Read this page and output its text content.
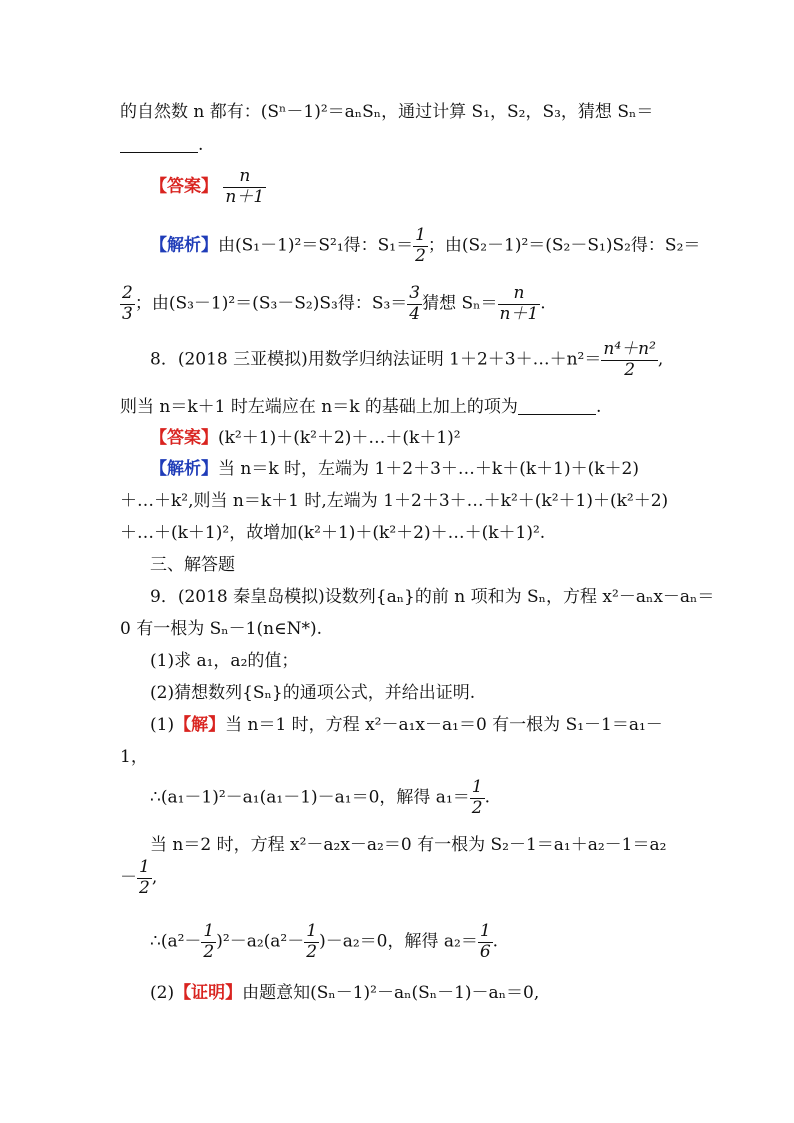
的自然数 n 都有：(Sⁿ－1)²＝aₙSₙ，通过计算 S₁，S₂，S₃，猜想 Sₙ＝
.
【答案】 $\frac{n}{n+1}$
【解析】由(S₁－1)²＝S²₁得：$S_1= \frac{1}{2}$ ；由(S₂－1)²＝(S₂－S₁)S₂得：S₂＝
$\frac{2}{3}$ ；由(S₃－1)²＝(S₃－S₂)S₃得：$S_3= \frac{3}{4}$ 猜想 $S_n= \frac{n}{n+1}$ .
8．(2018 三亚模拟)用数学归纳法证明 1＋2＋3＋…＋n²＝ $\frac{\text{n⁴＋n²}}{2}$ ,
则当 n＝k＋1 时左端应在 n＝k 的基础上加上的项为	.
【答案】(k²＋1)＋(k²＋2)＋…＋(k＋1)²
【解析】当 n＝k 时，左端为 1＋2＋3＋…＋k＋(k＋1)＋(k＋2)
＋…＋k²,则当 n＝k＋1 时,左端为 1＋2＋3＋…＋k²＋(k²＋1)＋(k²＋2)
＋…＋(k＋1)²，故增加(k²＋1)＋(k²＋2)＋…＋(k＋1)².
三、解答题
9．(2018 秦皇岛模拟)设数列{aₙ}的前 n 项和为 Sₙ，方程 x²－aₙx－aₙ＝
0 有一根为 Sₙ－1(n∈N*).
(1)求 a₁，a₂的值；
(2)猜想数列{Sₙ}的通项公式，并给出证明.
(1)【解】当 n＝1 时，方程 x²－a₁x－a₁＝0 有一根为 S₁－1＝a₁－
1，
∴(a₁－1)²－a₁(a₁－1)－a₁＝0，解得 $a_1= \frac{1}{2}$ .
当 n＝2 时，方程 x²－a₂x－a₂＝0 有一根为 S₂－1＝a₁＋a₂－1＝a₂
－ $\frac{1}{2}$ ,
∴(a²－ $\frac{1}{2} )^2-a_2(a^2- \frac{1}{2} )-a_2=0$，解得 $a_2= \frac{1}{6}$ .
(2)【证明】由题意知(Sₙ－1)²－aₙ(Sₙ－1)－aₙ＝0,
